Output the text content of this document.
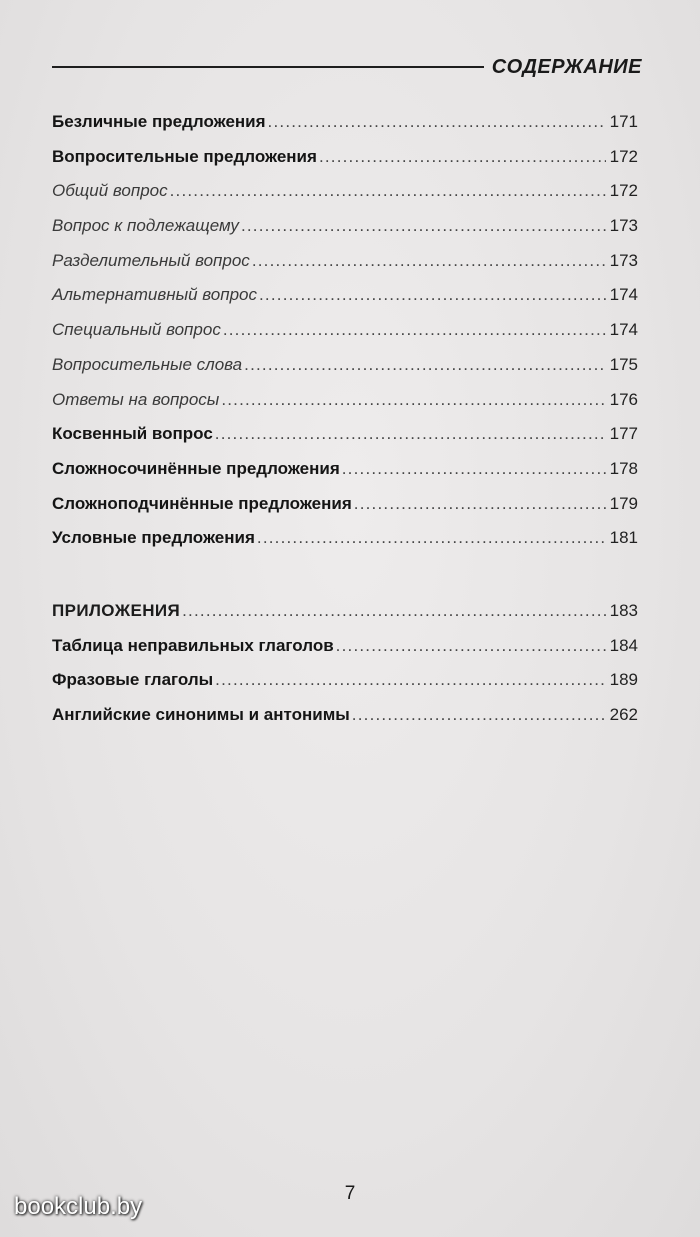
СОДЕРЖАНИЕ
Безличные предложения .....	171
Вопросительные предложения .....	172
Общий вопрос .....	172
Вопрос к подлежащему .....	173
Разделительный вопрос .....	173
Альтернативный вопрос .....	174
Специальный вопрос .....	174
Вопросительные слова .....	175
Ответы на вопросы .....	176
Косвенный вопрос .....	177
Сложносочинённые предложения .....	178
Сложноподчинённые предложения .....	179
Условные предложения .....	181
ПРИЛОЖЕНИЯ .....	183
Таблица неправильных глаголов .....	184
Фразовые глаголы .....	189
Английские синонимы и антонимы .....	262
7
bookclub.by
